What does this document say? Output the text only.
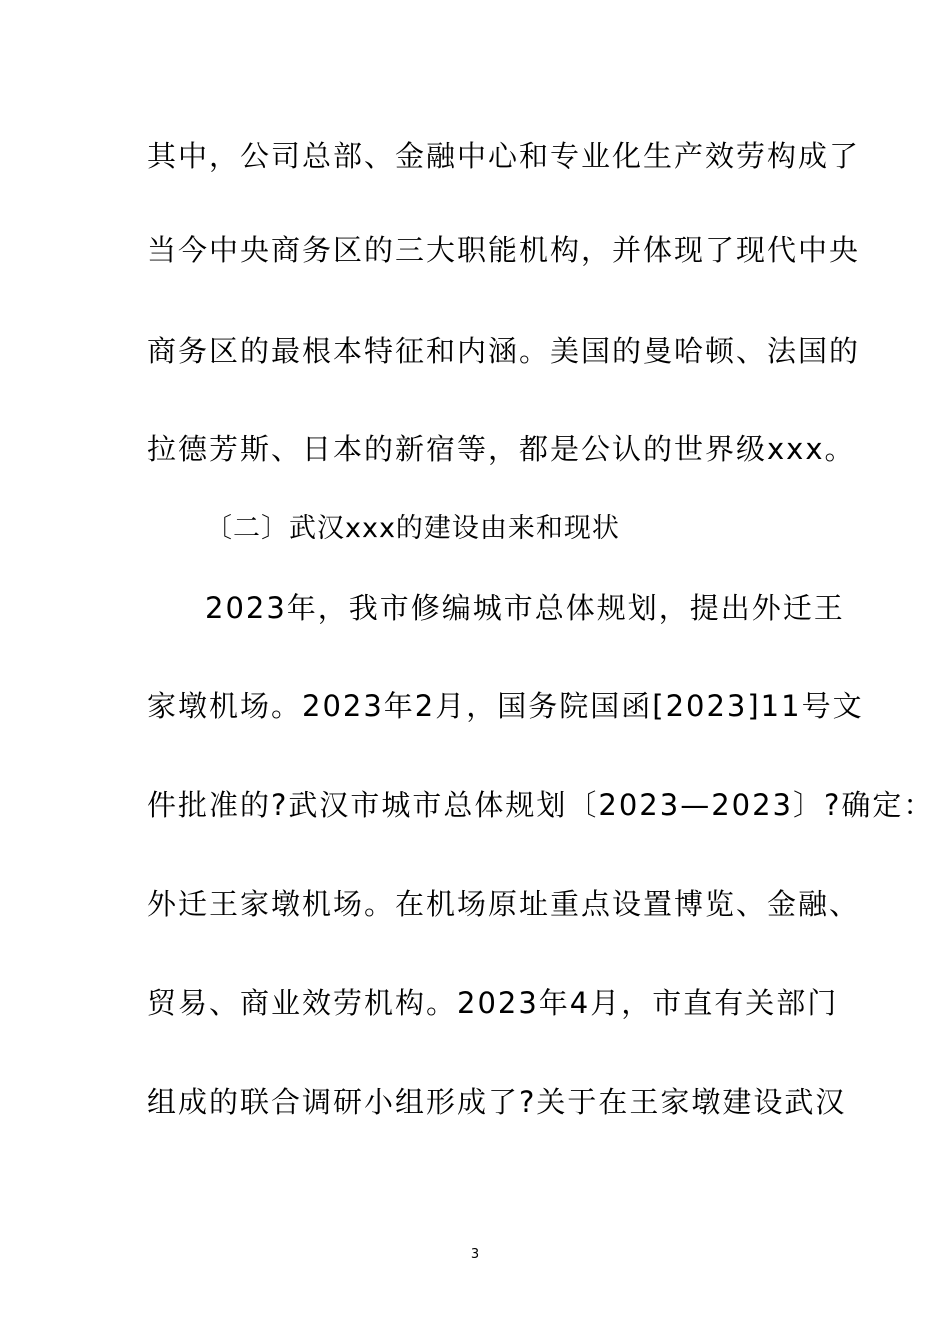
其中，公司总部、金融中心和专业化生产效劳构成了
当今中央商务区的三大职能机构，并体现了现代中央
商务区的最根本特征和内涵。美国的曼哈顿、法国的
拉德芳斯、日本的新宿等，都是公认的世界级xxx。
〔二〕武汉xxx的建设由来和现状
2023年，我市修编城市总体规划，提出外迁王
家墩机场。2023年2月，国务院国函[2023]11号文
件批准的?武汉市城市总体规划〔2023—2023〕?确定：
外迁王家墩机场。在机场原址重点设置博览、金融、
贸易、商业效劳机构。2023年4月，市直有关部门
组成的联合调研小组形成了?关于在王家墩建设武汉
3
